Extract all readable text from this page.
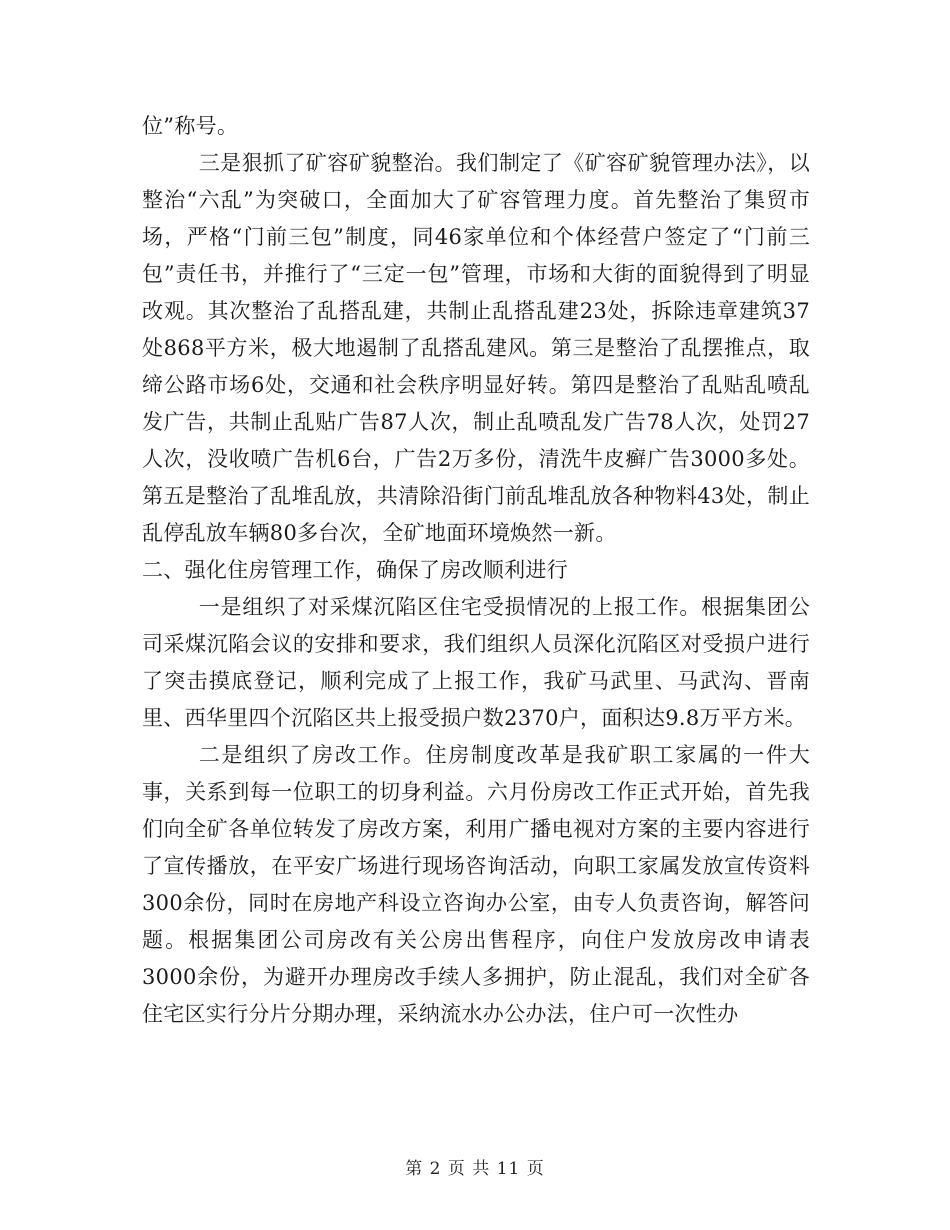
位”称号。

三是狠抓了矿容矿貌整治。我们制定了《矿容矿貌管理办法》，以整治“六乱”为突破口，全面加大了矿容管理力度。首先整治了集贸市场，严格“门前三包”制度，同46家单位和个体经营户签定了“门前三包”责任书，并推行了“三定一包”管理，市场和大街的面貌得到了明显改观。其次整治了乱搭乱建，共制止乱搭乱建23处，拆除违章建筑37处868平方米，极大地遏制了乱搭乱建风。第三是整治了乱摆推点，取缔公路市场6处，交通和社会秩序明显好转。第四是整治了乱贴乱喷乱发广告，共制止乱贴广告87人次，制止乱喷乱发广告78人次，处罚27人次，没收喷广告机6台，广告2万多份，清洗牛皮癣广告3000多处。第五是整治了乱堆乱放，共清除沿街门前乱堆乱放各种物料43处，制止乱停乱放车辆80多台次，全矿地面环境焕然一新。

二、强化住房管理工作，确保了房改顺利进行

一是组织了对采煤沉陷区住宅受损情况的上报工作。根据集团公司采煤沉陷会议的安排和要求，我们组织人员深化沉陷区对受损户进行了突击摸底登记，顺利完成了上报工作，我矿马武里、马武沟、晋南里、西华里四个沉陷区共上报受损户数2370户，面积达9.8万平方米。

二是组织了房改工作。住房制度改革是我矿职工家属的一件大事，关系到每一位职工的切身利益。六月份房改工作正式开始，首先我们向全矿各单位转发了房改方案，利用广播电视对方案的主要内容进行了宣传播放，在平安广场进行现场咨询活动，向职工家属发放宣传资料300余份，同时在房地产科设立咨询办公室，由专人负责咨询，解答问题。根据集团公司房改有关公房出售程序，向住户发放房改申请表3000余份，为避开办理房改手续人多拥护，防止混乱，我们对全矿各住宅区实行分片分期办理，采纳流水办公办法，住户可一次性办

第 2 页 共 11 页
